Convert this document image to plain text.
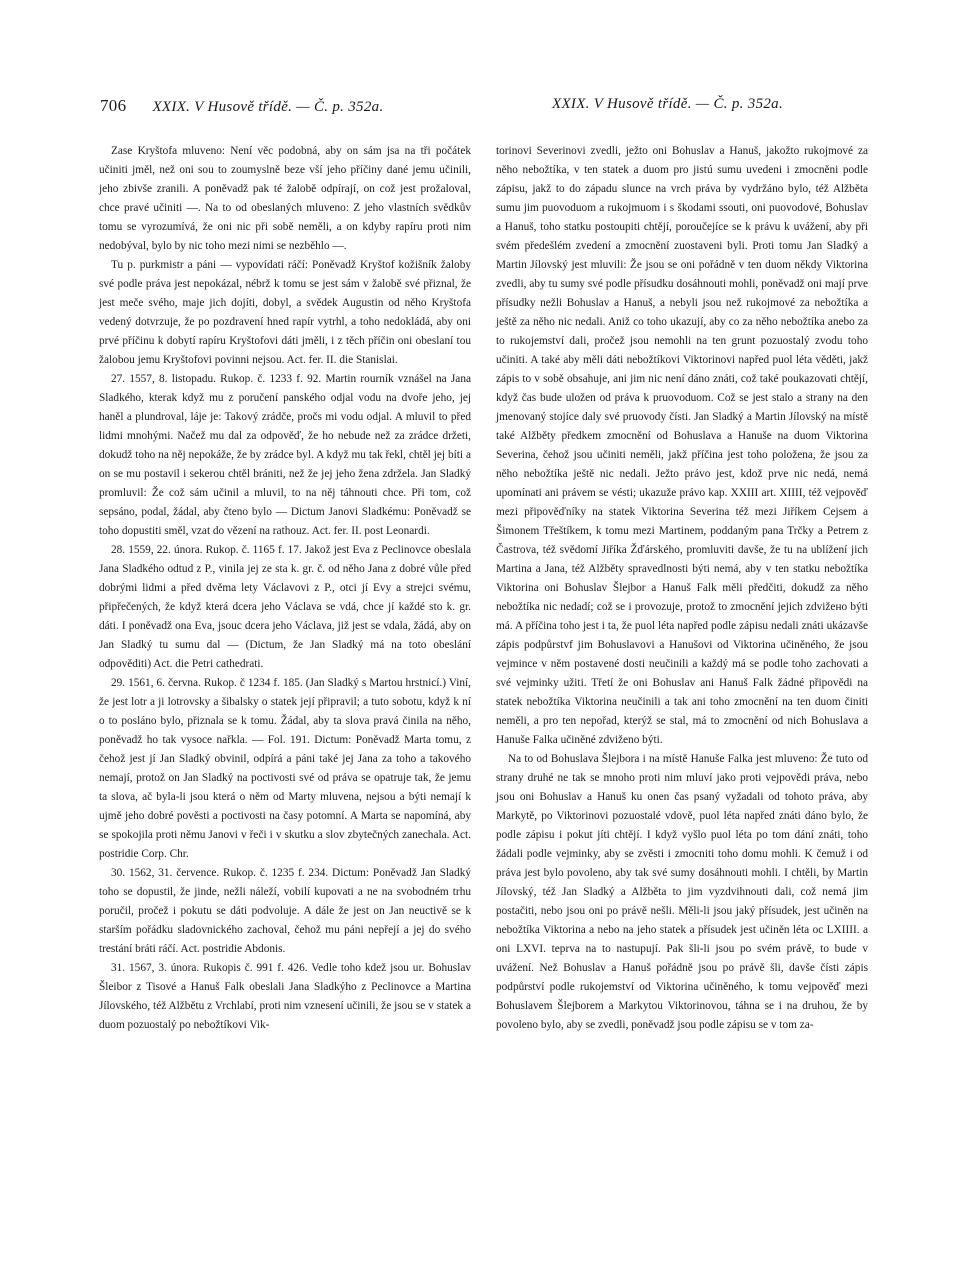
706 XXIX. V Husově třídě. — Č. p. 352a.	XXIX. V Husově třídě. — Č. p. 352a.

Zase Kryštofa mluveno: Není věc podobná, aby on sám jsa na tři počátek učiniti jměl, než oni sou to zoumyslně beze vší jeho příčiny dané jemu učinili, jeho zbivše zranili. A poněvadž pak té žalobě odpírají, on což jest prožaloval, chce pravé učiniti —. Na to od obeslaných mluveno: Z jeho vlastních svědkův tomu se vyrozumívá, že oni nic při sobě neměli, a on kdyby rapíru proti nim nedobýval, bylo by nic toho mezi nimi se nezběhlo —.

Tu p. purkmistr a páni — vypovídati ráčí: Poněvadž Kryštof kožišník žaloby své podle práva jest nepokázal, nébrž k tomu se jest sám v žalobě své přiznal, že jest meče svého, maje jich dojíti, dobyl, a svědek Augustin od něho Kryštofa vedený dotvrzuje, že po pozdravení hned rapír vytrhl, a toho nedokládá, aby oni prvé příčinu k dobytí rapíru Kryštofovi dáti jměli, i z těch příčin oni obeslaní tou žalobou jemu Kryštofovi povinni nejsou. Act. fer. II. die Stanislai.

27. 1557, 8. listopadu. Rukop. č. 1233 f. 92. Martin rourník vznášel na Jana Sladkého, kterak když mu z poručení panského odjal vodu na dvoře jeho, jej haněl a plundroval, láje je: Takový zrádče, pročs mi vodu odjal. A mluvil to před lidmi mnohými. Načež mu dal za odpověď, že ho nebude než za zrádce držeti, dokudž toho na něj nepokáže, že by zrádce byl. A když mu tak řekl, chtěl jej bíti a on se mu postavil i sekerou chtěl brániti, než že jej jeho žena zdržela. Jan Sladký promluvil: Že což sám učinil a mluvil, to na něj táhnouti chce. Při tom, což sepsáno, podal, žádal, aby čteno bylo — Dictum Janovi Sladkému: Poněvadž se toho dopustiti směl, vzat do vězení na rathouz. Act. fer. II. post Leonardi.

28. 1559, 22. února. Rukop. č. 1165 f. 17. Jakož jest Eva z Peclinovce obeslala Jana Sladkého odtud z P., vinila jej ze sta k. gr. č. od něho Jana z dobré vůle před dobrými lidmi a před dvěma lety Václavovi z P., otci jí Evy a strejci svému, připřečených, že když která dcera jeho Václava se vdá, chce jí každé sto k. gr. dáti. I poněvadž ona Eva, jsouc dcera jeho Václava, již jest se vdala, žádá, aby on Jan Sladký tu sumu dal — (Dictum, že Jan Sladký má na toto obeslání odpověditi) Act. die Petri cathedrati.

29. 1561, 6. června. Rukop. č 1234 f. 185. (Jan Sladký s Martou hrstnicí.) Viní, že jest lotr a ji lotrovsky a šibalsky o statek její připravil; a tuto sobotu, když k ní o to posláno bylo, přiznala se k tomu. Žádal, aby ta slova pravá činila na něho, poněvadž ho tak vysoce nařkla. — Fol. 191. Dictum: Poněvadž Marta tomu, z čehož jest jí Jan Sladký obvinil, odpírá a páni také jej Jana za toho a takového nemají, protož on Jan Sladký na poctivosti své od práva se opatruje tak, že jemu ta slova, ač byla-li jsou která o něm od Marty mluvena, nejsou a býti nemají k ujmě jeho dobré pověsti a poctivosti na časy potomní. A Marta se napomíná, aby se spokojila proti němu Janovi v řeči i v skutku a slov zbytečných zanechala. Act. postridie Corp. Chr.

30. 1562, 31. července. Rukop. č. 1235 f. 234. Dictum: Poněvadž Jan Sladký toho se dopustil, že jinde, nežli náleží, vobilí kupovati a ne na svobodném trhu poručil, pročež i pokutu se dáti podvoluje. A dále že jest on Jan neuctivě se k starším pořádku sladovnického zachoval, čehož mu páni nepřejí a jej do svého trestání bráti ráčí. Act. postridie Abdonis.

31. 1567, 3. února. Rukopis č. 991 f. 426. Vedle toho kdež jsou ur. Bohuslav Šleibor z Tisové a Hanuš Falk obeslali Jana Sladkýho z Peclinovce a Martina Jílovského, též Alžbětu z Vrchlabí, proti nim vznesení učinili, že jsou se v statek a duom pozuostalý po nebožtíkovi Vik-

torinovi Severinovi zvedli, ježto oni Bohuslav a Hanuš, jakožto rukojmové za něho nebožtíka, v ten statek a duom pro jistú sumu uvedeni i zmocněni podle zápisu, jakž to do západu slunce na vrch práva by vydržáno bylo, též Alžběta sumu jim puovoduom a rukojmuom i s škodami ssouti, oni puovodové, Bohuslav a Hanuš, toho statku postoupiti chtějí, poroučejíce se k právu k uvážení, aby při svém předešlém zvedení a zmocnění zuostaveni byli. Proti tomu Jan Sladký a Martin Jílovský jest mluvili: Že jsou se oni pořádně v ten duom někdy Viktorina zvedli, aby tu sumy své podle přísudku dosáhnouti mohli, poněvadž oni mají prve přísudky nežli Bohuslav a Hanuš, a nebyli jsou než rukojmové za nebožtíka a ještě za něho nic nedali. Aniž co toho ukazují, aby co za něho nebožtíka anebo za to rukojemství dali, pročež jsou nemohli na ten grunt pozuostalý zvodu toho učiniti. A také aby měli dáti nebožtíkovi Viktorinovi napřed puol léta věděti, jakž zápis to v sobě obsahuje, ani jim nic není dáno znáti, což také poukazovati chtějí, když čas bude uložen od práva k pruovoduom. Což se jest stalo a strany na den jmenovaný stojíce daly své pruovody čísti. Jan Sladký a Martin Jílovský na místě také Alžběty předkem zmocnění od Bohuslava a Hanuše na duom Viktorina Severina, čehož jsou učiniti neměli, jakž příčina jest toho položena, že jsou za něho nebožtíka ještě nic nedali. Ježto právo jest, kdož prve nic nedá, nemá upomínati ani právem se vésti; ukazuže právo kap. XXIII art. XIIII, též vejpověď mezi připověďníky na statek Viktorina Severina též mezi Jiříkem Cejsem a Šimonem Třeštíkem, k tomu mezi Martinem, poddaným pana Trčky a Petrem z Častrova, též svědomí Jiříka Žďárského, promluviti davše, že tu na ublížení jich Martina a Jana, též Alžběty spravedlnosti býti nemá, aby v ten statku nebožtíka Viktorina oni Bohuslav Šlejbor a Hanuš Falk měli předčiti, dokudž za něho nebožtíka nic nedadí; což se i provozuje, protož to zmocnění jejich zdvižено býti má. A příčina toho jest i ta, že puol léta napřed podle zápisu nedali znáti ukázavše zápis podpůrstvf jim Bohuslavovi a Hanušovi od Viktorina učiněného, že jsou vejmince v něm postavené dosti neučinili a každý má se podle toho zachovati a své vejminky užiti. Třetí že oni Bohuslav ani Hanuš Falk žádné připovědi na statek nebožtíka Viktorina neučinili a tak ani toho zmocnění na ten duom činiti neměli, a pro ten nepořad, kterýž se stal, má to zmocnění od nich Bohuslava a Hanuše Falka učiněné zdviženo býti.

Na to od Bohuslava Šlejbora i na místě Hanuše Falka jest mluveno: Že tuto od strany druhé ne tak se mnoho proti nim mluví jako proti vejpovědi práva, nebo jsou oni Bohuslav a Hanuš ku onen čas psaný vyžadali od tohoto práva, aby Markytě, po Viktorinovi pozuostalé vdově, puol léta napřed znáti dáno bylo, že podle zápisu i pokut jíti chtějí. I když vyšlo puol léta po tom dání znáti, toho žádali podle vejminky, aby se zvěsti i zmocniti toho domu mohli. K čemuž i od práva jest bylo povoleno, aby tak své sumy dosáhnouti mohli. I chtěli, by Martin Jílovský, též Jan Sladký a Alžběta to jim vyzdvihnouti dali, což nemá jim postačiti, nebo jsou oni po právě nešli. Měli-li jsou jaký přísudek, jest učiněn na nebožtíka Viktorina a nebo na jeho statek a přísudek jest učiněn léta oc LXIIII. a oni LXVI. teprva na to nastupují. Pak šli-li jsou po svém právě, to bude v uvážení. Než Bohuslav a Hanuš pořádně jsou po právě šli, davše čísti zápis podpůrství podle rukojemství od Viktorina učiněného, k tomu vejpověď mezi Bohuslavem Šlejborem a Markytou Viktorinovou, táhna se i na druhou, že by povoleno bylo, aby se zvedli, poněvadž jsou podle zápisu se v tom za-
